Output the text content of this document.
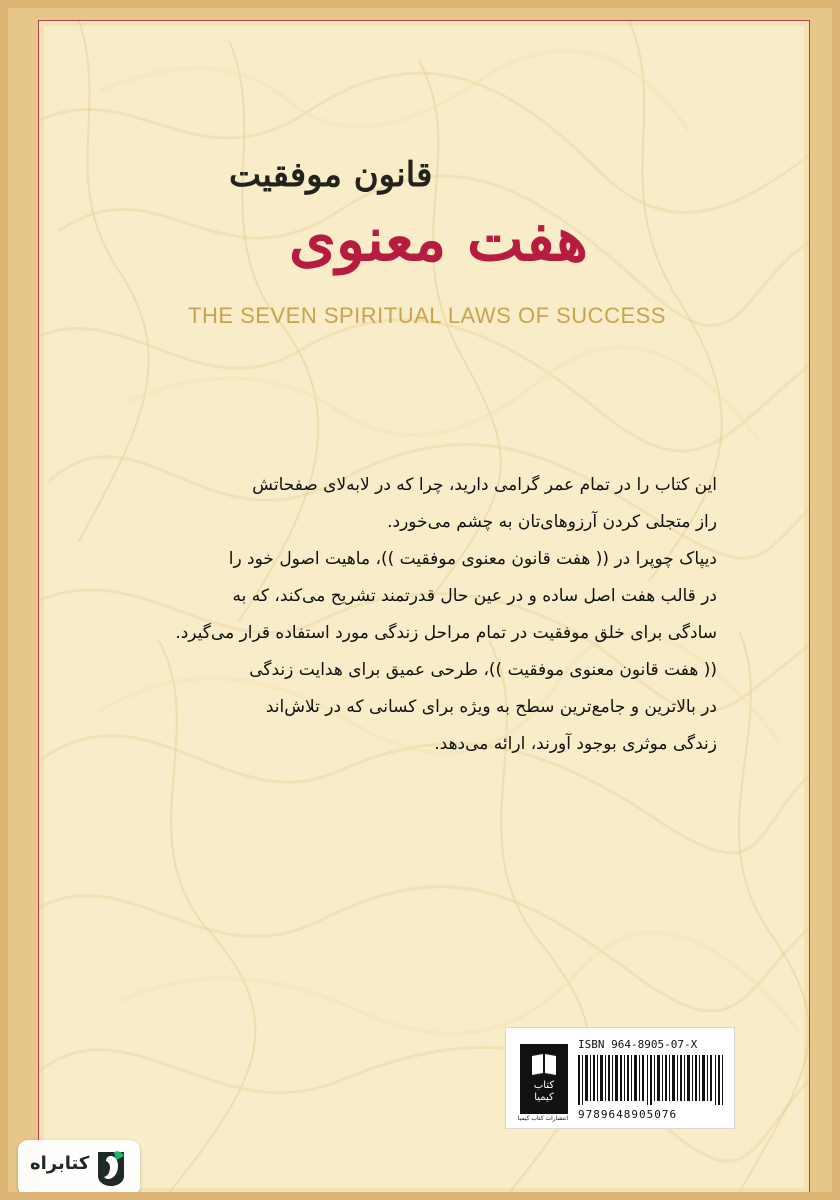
قانون موفقیت
هفت معنوی
THE SEVEN SPIRITUAL LAWS OF SUCCESS
این کتاب را در تمام عمر گرامی دارید، چرا که در لابه‌لای صفحاتش
راز متجلی کردن آرزوهای‌تان به چشم می‌خورد.
دیپاک چوپرا در (( هفت قانون معنوی موفقیت ))، ماهیت اصول خود را
در قالب هفت اصل ساده و در عین حال قدرتمند تشریح می‌کند، که به
سادگی برای خلق موفقیت در تمام مراحل زندگی مورد استفاده قرار می‌گیرد.
(( هفت قانون معنوی موفقیت ))، طرحی عمیق برای هدایت زندگی
در بالاترین و جامع‌ترین سطح به ویژه برای کسانی که در تلاش‌اند
زندگی موثری بوجود آورند، ارائه می‌دهد.
کتاب کیمیا
انتشارات کتاب کیمیا
ISBN 964-8905-07-X
9789648905076
کتابراه
